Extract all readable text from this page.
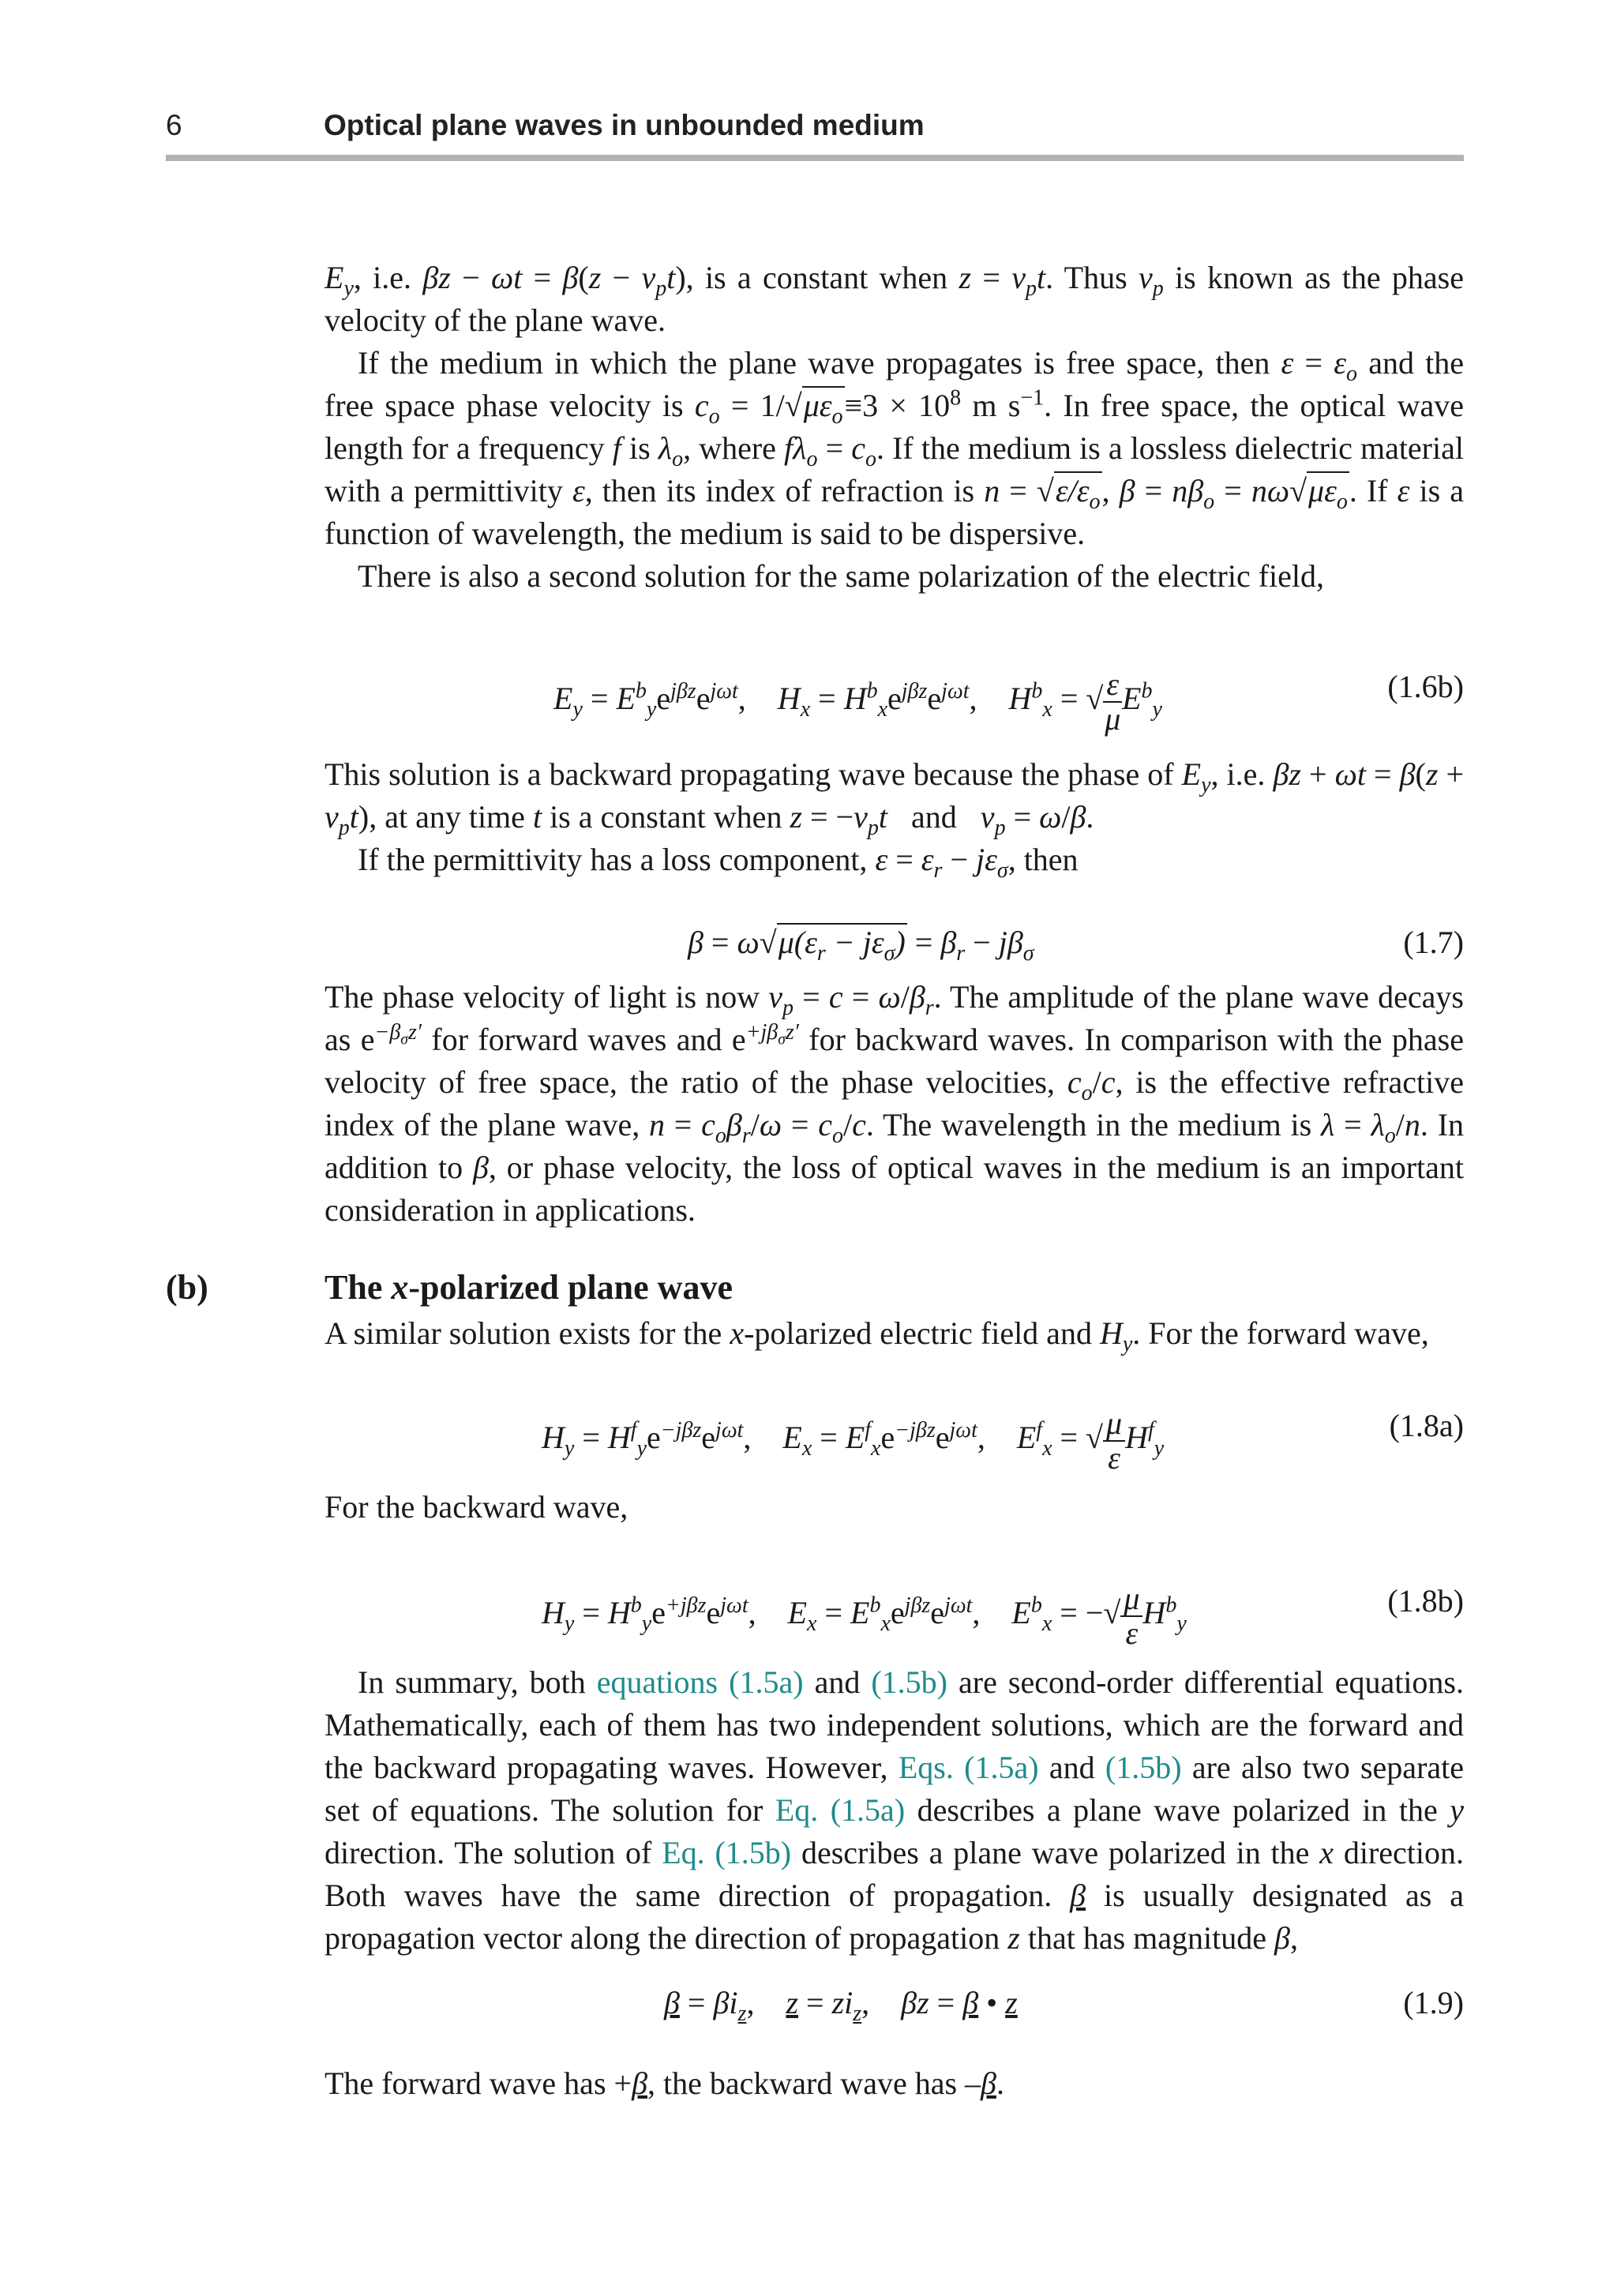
6	Optical plane waves in unbounded medium

$E_y$, i.e. $\beta z - \omega t = \beta(z - v_pt)$, is a constant when $z = v_pt$. Thus $v_p$ is known as the phase velocity of the plane wave.

If the medium in which the plane wave propagates is free space, then $\varepsilon = \varepsilon_o$ and the free space phase velocity is $c_o = 1/√\mu\varepsilon_o\equiv 3 \times 10^8$ m $s^{-1}$. In free space, the optical wave length for a frequency f is $\lambda_o$, where $f\lambda_o = c_o$. If the medium is a lossless dielectric material with a permittivity ε, then its index of refraction is $n = √\varepsilon/\varepsilon_o$, $\beta = n\beta_o = n\omega√\mu\varepsilon_o$. If ε is a function of wavelength, the medium is said to be dispersive.

There is also a second solution for the same polarization of the electric field,

$E_y = E^b_ye^{j\beta z}e^{j\omega t}$,    $H_x = H^b_xe^{j\beta z}e^{j\omega t}$,    $H^b_x$ = √ $\frac{\varepsilon}{\mu} E^b_y$
(1.6b)

This solution is a backward propagating wave because the phase of $E_y$, i.e. $\beta z + \omega t = \beta(z + v_pt)$, at any time t is a constant when $z = -v_pt$   and   $v_p = \omega/\beta$.

If the permittivity has a loss component, $\varepsilon = \varepsilon_r - j\varepsilon_\sigma$, then

$\beta = \omega√\mu(\varepsilon_r - j\varepsilon_\sigma) = \beta_r - j\beta_\sigma$	(1.7)

The phase velocity of light is now $v_p = c = \omega/\beta_r$. The amplitude of the plane wave decays as $e^{-\beta_\sigma z'}$ for forward waves and $e^{+j\beta_\sigma z'}$ for backward waves. In comparison with the phase velocity of free space, the ratio of the phase velocities, $c_o/c$, is the effective refractive index of the plane wave, $n = c_o\beta_r/\omega = c_o/c$. The wavelength in the medium is $\lambda = \lambda_o/n$. In addition to β, or phase velocity, the loss of optical waves in the medium is an important consideration in applications.

(b)	The x-polarized plane wave

A similar solution exists for the x-polarized electric field and $H_y$. For the forward wave,

$H_y = H^f_ye^{-j\beta z}e^{j\omega t}$,    $E_x = E^f_xe^{-j\beta z}e^{j\omega t}$,    $E^f_x$ = √ $\frac{\mu}{\varepsilon} H^f_y$
(1.8a)

For the backward wave,

$H_y = H^b_ye^{+j\beta z}e^{j\omega t}$,    $E_x = E^b_xe^{j\beta z}e^{j\omega t}$,    $E^b_x$ = −√ $\frac{\mu}{\varepsilon} H^b_y$
(1.8b)

In summary, both equations (1.5a) and (1.5b) are second-order differential equations. Mathematically, each of them has two independent solutions, which are the forward and the backward propagating waves. However, Eqs. (1.5a) and (1.5b) are also two separate set of equations. The solution for Eq. (1.5a) describes a plane wave polarized in the y direction. The solution of Eq. (1.5b) describes a plane wave polarized in the x direction. Both waves have the same direction of propagation. β is usually designated as a propagation vector along the direction of propagation z that has magnitude β,

$\beta = \beta i_z$,    $z = zi_z$,    βz = β • z	(1.9)

The forward wave has +β, the backward wave has –β.
